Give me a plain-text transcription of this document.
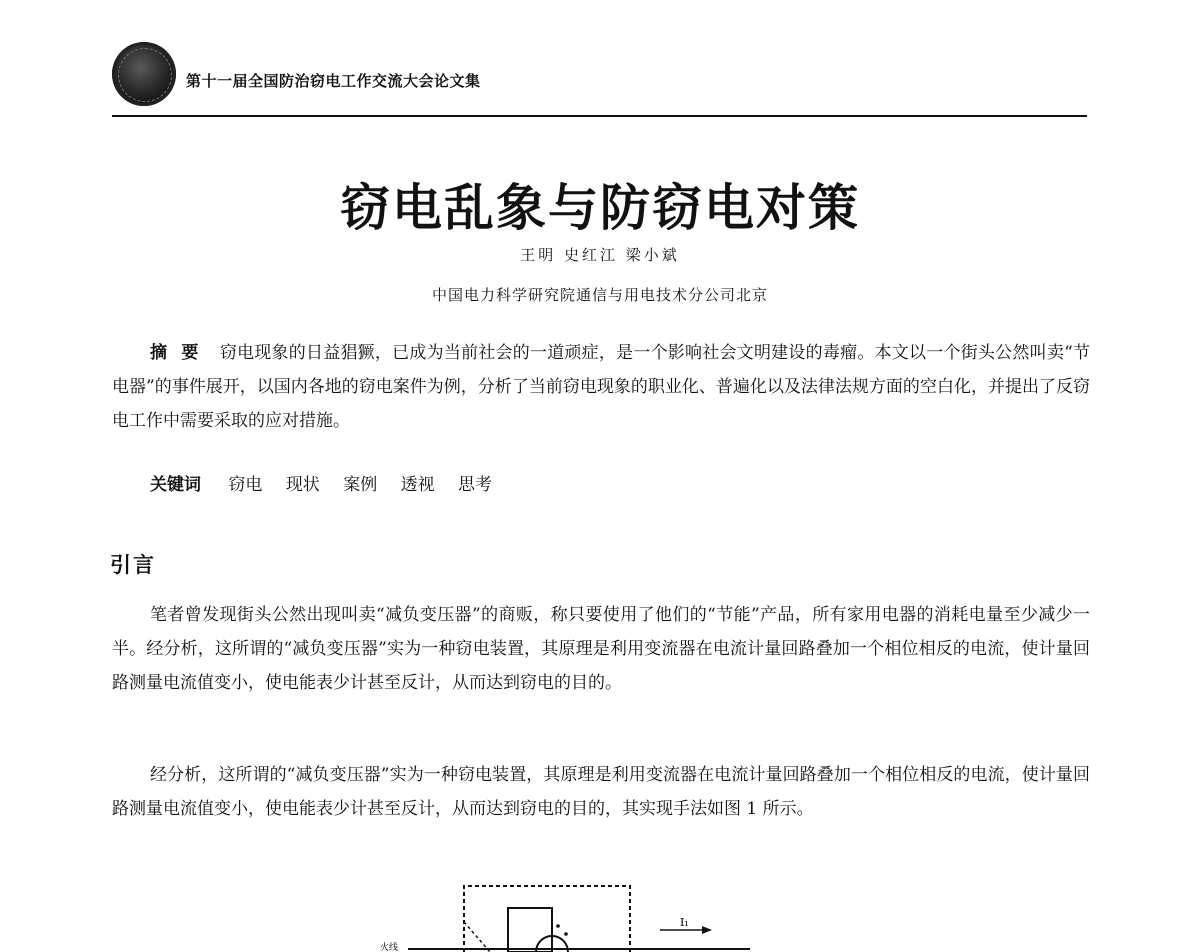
第十一届全国防治窃电工作交流大会论文集
窃电乱象与防窃电对策
王明 史红江 梁小斌
中国电力科学研究院通信与用电技术分公司北京
摘 要　 窃电现象的日益猖獗，已成为当前社会的一道顽症，是一个影响社会文明建设的毒瘤。本文以一个街头公然叫卖“节电器”的事件展开，以国内各地的窃电案件为例，分析了当前窃电现象的职业化、普遍化以及法律法规方面的空白化，并提出了反窃电工作中需要采取的应对措施。
关键词 窃电 现状 案例 透视 思考
引言

笔者曾发现街头公然出现叫卖“减负变压器”的商贩，称只要使用了他们的“节能”产品，所有家用电器的消耗电量至少减少一半。经分析，这所谓的“减负变压器”实为一种窃电装置，其原理是利用变流器在电流计量回路叠加一个相位相反的电流，使计量回路测量电流值变小，使电能表少计甚至反计，从而达到窃电的目的。

经分析，这所谓的“减负变压器”实为一种窃电装置，其原理是利用变流器在电流计量回路叠加一个相位相反的电流，使计量回路测量电流值变小，使电能表少计甚至反计，从而达到窃电的目的，其实现手法如图 1 所示。

I₁
火线
